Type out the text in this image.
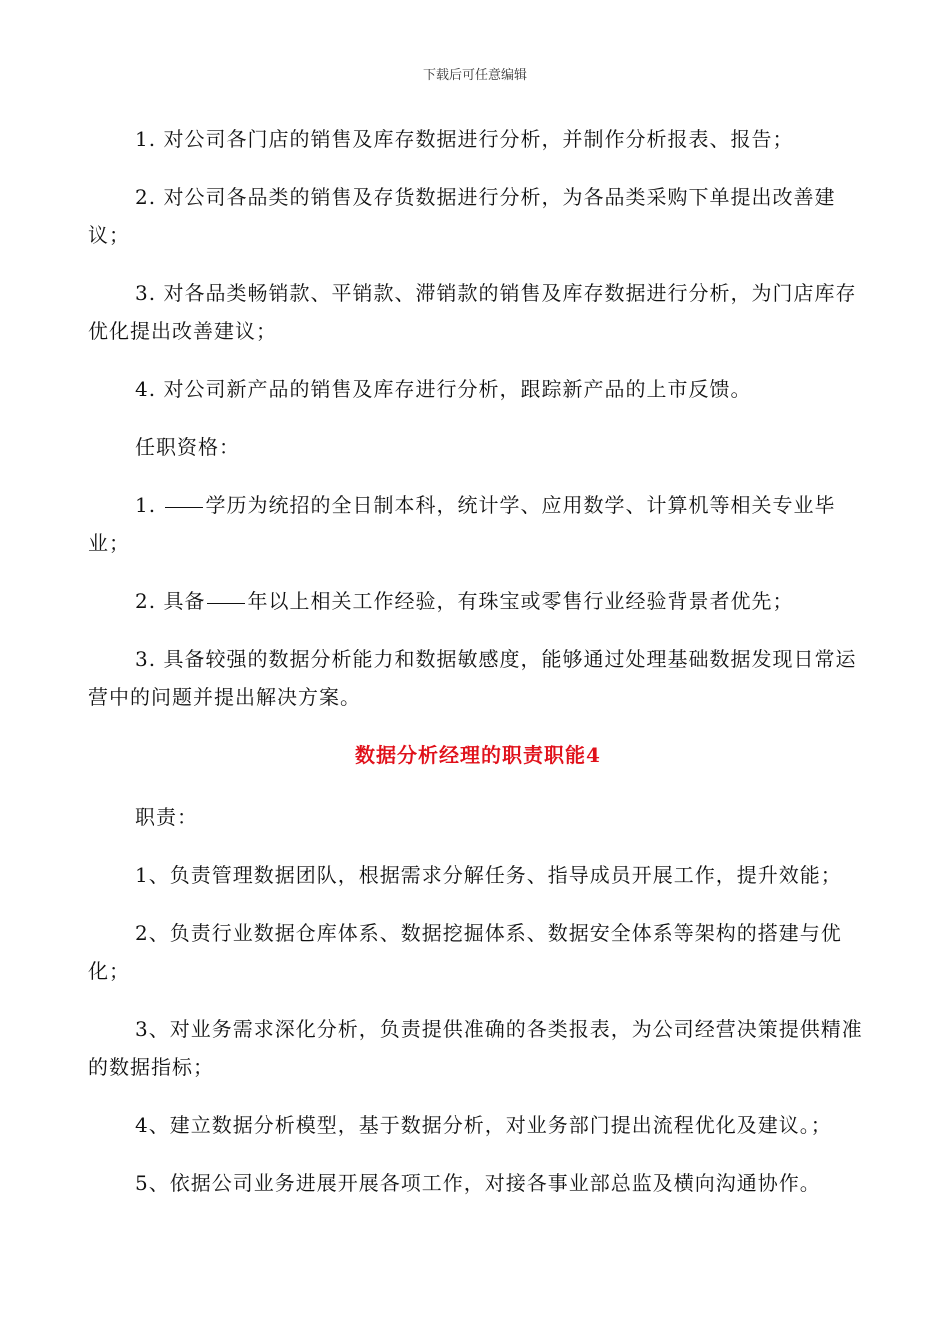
下载后可任意编辑

1. 对公司各门店的销售及库存数据进行分析，并制作分析报表、报告；

2. 对公司各品类的销售及存货数据进行分析，为各品类采购下单提出改善建议；

3. 对各品类畅销款、平销款、滞销款的销售及库存数据进行分析，为门店库存优化提出改善建议；

4. 对公司新产品的销售及库存进行分析，跟踪新产品的上市反馈。

任职资格：

1. 学历为统招的全日制本科，统计学、应用数学、计算机等相关专业毕业；

2. 具备 年以上相关工作经验，有珠宝或零售行业经验背景者优先；

3. 具备较强的数据分析能力和数据敏感度，能够通过处理基础数据发现日常运营中的问题并提出解决方案。

数据分析经理的职责职能4

职责：

1、负责管理数据团队，根据需求分解任务、指导成员开展工作，提升效能；

2、负责行业数据仓库体系、数据挖掘体系、数据安全体系等架构的搭建与优化；

3、对业务需求深化分析，负责提供准确的各类报表，为公司经营决策提供精准的数据指标；

4、建立数据分析模型，基于数据分析，对业务部门提出流程优化及建议。；

5、依据公司业务进展开展各项工作，对接各事业部总监及横向沟通协作。
